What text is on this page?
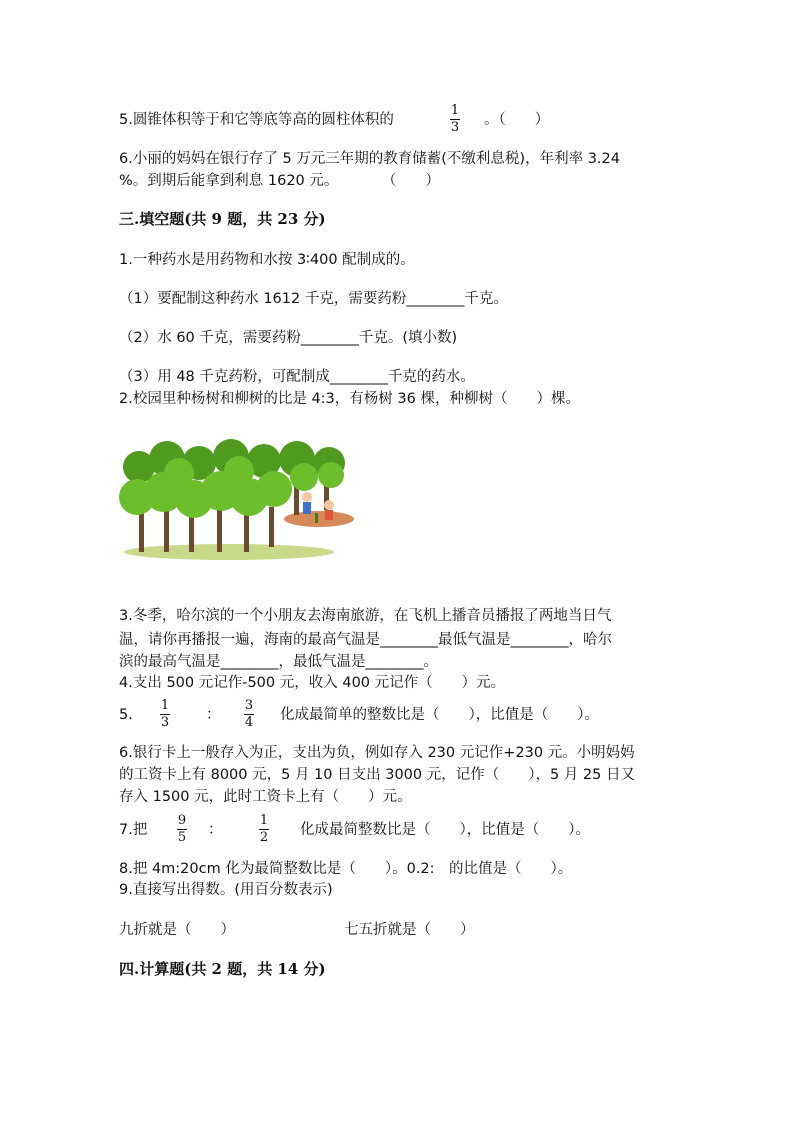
5.圆锥体积等于和它等底等高的圆柱体积的
1
3 。（　　）
6.小丽的妈妈在银行存了 5 万元三年期的教育储蓄(不缴利息税)，年利率 3.24
%。到期后能拿到利息 1620 元。　　　　（　　）
三.填空题(共 9 题，共 23 分)
1.一种药水是用药物和水按 3∶400 配制成的。
（1）要配制这种药水 1612 千克，需要药粉________千克。
（2）水 60 千克，需要药粉________千克。(填小数)
（3）用 48 千克药粉，可配制成________千克的药水。
2.校园里种杨树和柳树的比是 4:3，有杨树 36 棵，种柳树（　　）棵。
3.冬季，哈尔滨的一个小朋友去海南旅游，在飞机上播音员播报了两地当日气
温，请你再播报一遍，海南的最高气温是________最低气温是________，哈尔
滨的最高气温是________，最低气温是________。
4.支出 500 元记作-500 元，收入 400 元记作（　　）元。
5.
1
3	：
3
4 化成最简单的整数比是（　　），比值是（　　）。
6.银行卡上一般存入为正，支出为负，例如存入 230 元记作+230 元。小明妈妈
的工资卡上有 8000 元，5 月 10 日支出 3000 元，记作（　　），5 月 25 日又
存入 1500 元，此时工资卡上有（　　）元。
7.把
9
5 ：
1
2 化成最简整数比是（　　），比值是（　　）。
8.把 4m:20cm 化为最简整数比是（　　）。0.2:　的比值是（　　）。
9.直接写出得数。(用百分数表示)
九折就是（　　）	七五折就是（　　）
四.计算题(共 2 题，共 14 分)
